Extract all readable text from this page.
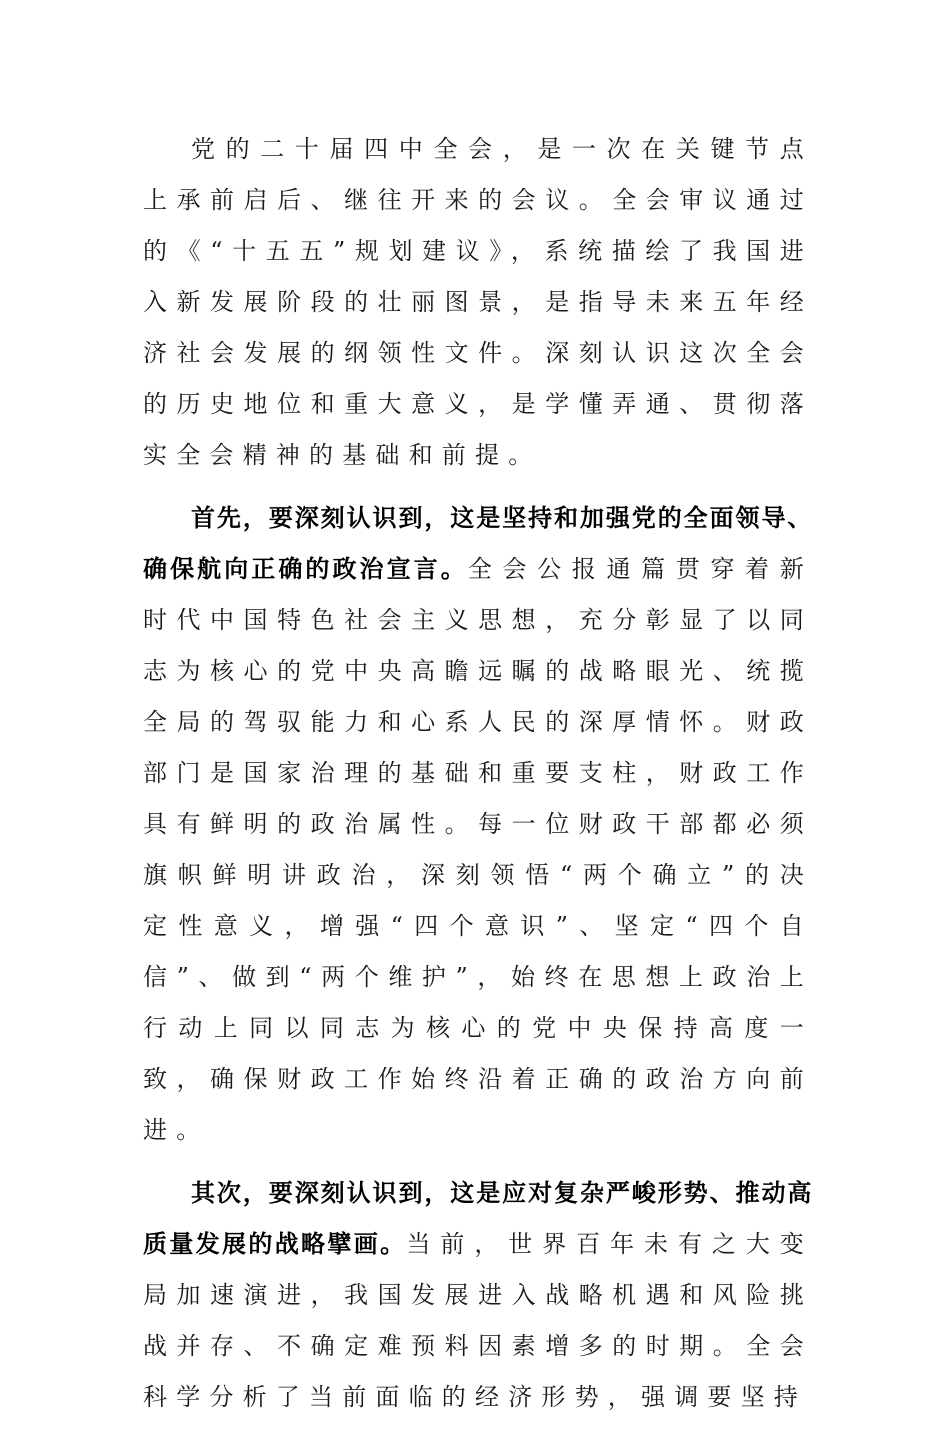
党的二十届四中全会，是一次在关键节点上承前启后、继往开来的会议。全会审议通过的《“十五五”规划建议》，系统描绘了我国进入新发展阶段的壮丽图景，是指导未来五年经济社会发展的纲领性文件。深刻认识这次全会的历史地位和重大意义，是学懂弄通、贯彻落实全会精神的基础和前提。

首先，要深刻认识到，这是坚持和加强党的全面领导、确保航向正确的政治宣言。全会公报通篇贯穿着新时代中国特色社会主义思想，充分彰显了以同志为核心的党中央高瞻远瞩的战略眼光、统揽全局的驾驭能力和心系人民的深厚情怀。财政部门是国家治理的基础和重要支柱，财政工作具有鲜明的政治属性。每一位财政干部都必须旗帜鲜明讲政治，深刻领悟“两个确立”的决定性意义，增强“四个意识”、坚定“四个自信”、做到“两个维护”，始终在思想上政治上行动上同以同志为核心的党中央保持高度一致，确保财政工作始终沿着正确的政治方向前进。

其次，要深刻认识到，这是应对复杂严峻形势、推动高质量发展的战略擘画。当前，世界百年未有之大变局加速演进，我国发展进入战略机遇和风险挑战并存、不确定难预料因素增多的时期。全会科学分析了当前面临的经济形势，强调要坚持
